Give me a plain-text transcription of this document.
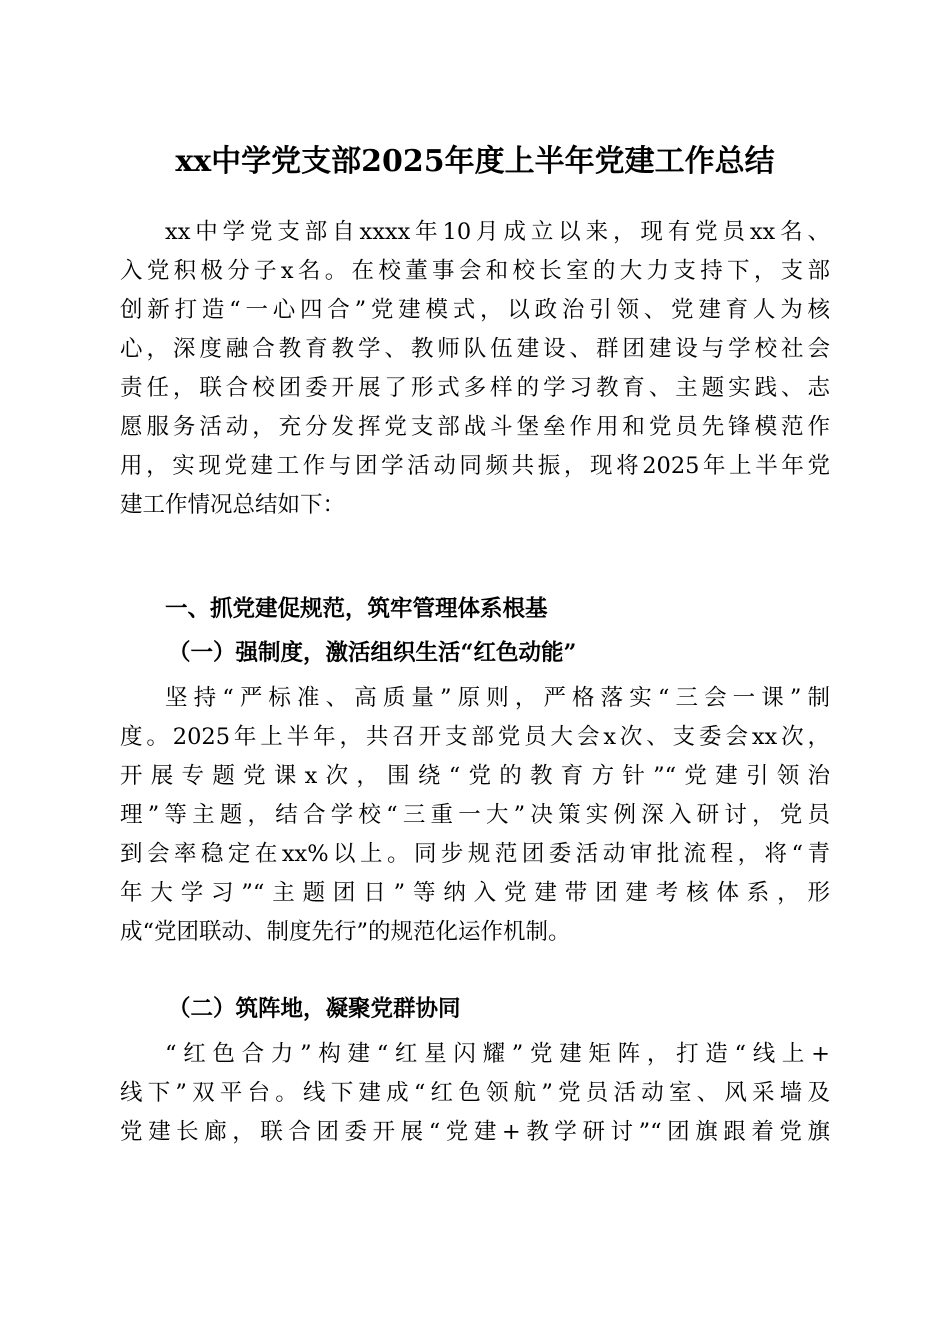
xx中学党支部2025年度上半年党建工作总结

xx中学党支部自xxxx年10月成立以来，现有党员xx名、
入党积极分子x名。在校董事会和校长室的大力支持下，支部
创新打造“一心四合”党建模式，以政治引领、党建育人为核
心，深度融合教育教学、教师队伍建设、群团建设与学校社会
责任，联合校团委开展了形式多样的学习教育、主题实践、志
愿服务活动，充分发挥党支部战斗堡垒作用和党员先锋模范作
用，实现党建工作与团学活动同频共振，现将2025年上半年党
建工作情况总结如下：

一、抓党建促规范，筑牢管理体系根基
（一）强制度，激活组织生活“红色动能”

坚持“严标准、高质量”原则，严格落实“三会一课”制
度。2025年上半年，共召开支部党员大会x次、支委会xx次，
开展专题党课x次，围绕“党的教育方针”“党建引领治
理”等主题，结合学校“三重一大”决策实例深入研讨，党员
到会率稳定在xx%以上。同步规范团委活动审批流程，将“青
年大学习”“主题团日”等纳入党建带团建考核体系，形
成“党团联动、制度先行”的规范化运作机制。

（二）筑阵地，凝聚党群协同

“红色合力”构建“红星闪耀”党建矩阵，打造“线上+
线下”双平台。线下建成“红色领航”党员活动室、风采墙及
党建长廊，联合团委开展“党建+教学研讨”“团旗跟着党旗
